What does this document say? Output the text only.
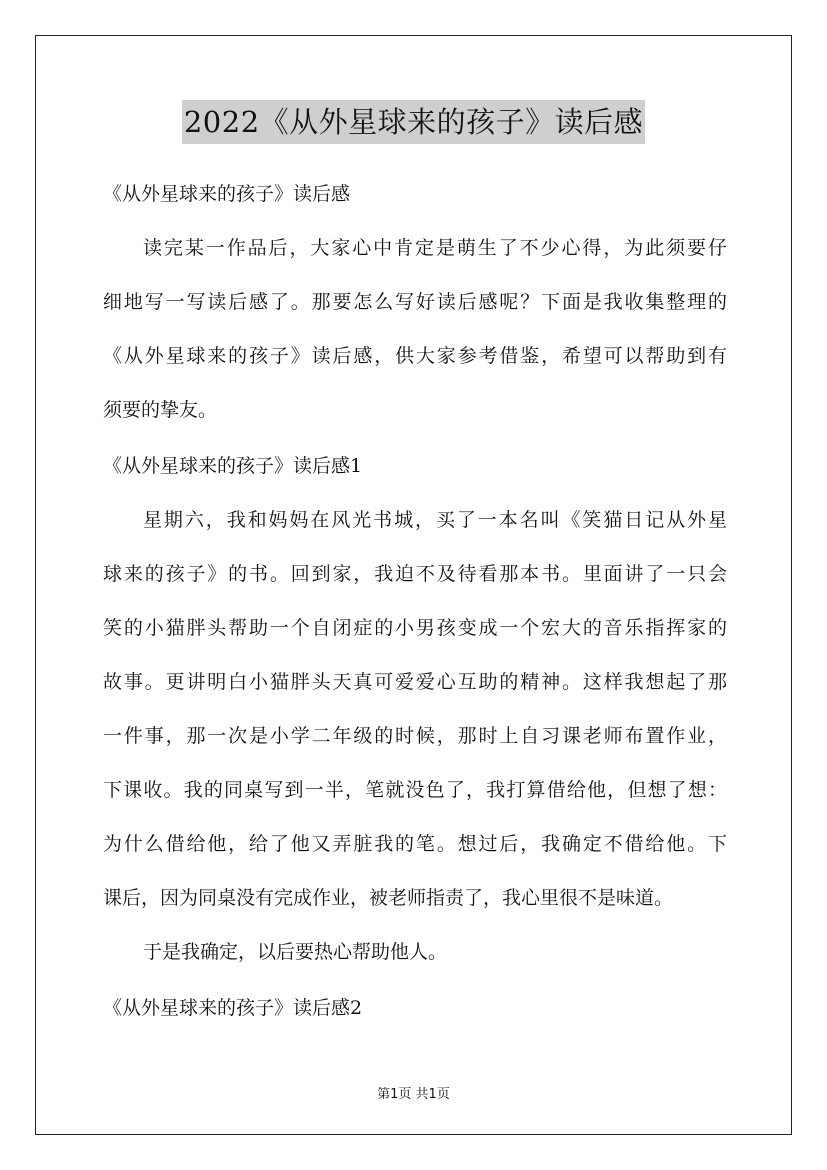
2022《从外星球来的孩子》读后感
《从外星球来的孩子》读后感
读完某一作品后，大家心中肯定是萌生了不少心得，为此须要仔
细地写一写读后感了。那要怎么写好读后感呢？下面是我收集整理的
《从外星球来的孩子》读后感，供大家参考借鉴，希望可以帮助到有
须要的挚友。
《从外星球来的孩子》读后感1
星期六，我和妈妈在风光书城，买了一本名叫《笑猫日记从外星
球来的孩子》的书。回到家，我迫不及待看那本书。里面讲了一只会
笑的小猫胖头帮助一个自闭症的小男孩变成一个宏大的音乐指挥家的
故事。更讲明白小猫胖头天真可爱爱心互助的精神。这样我想起了那
一件事，那一次是小学二年级的时候，那时上自习课老师布置作业，
下课收。我的同桌写到一半，笔就没色了，我打算借给他，但想了想：
为什么借给他，给了他又弄脏我的笔。想过后，我确定不借给他。下
课后，因为同桌没有完成作业，被老师指责了，我心里很不是味道。
于是我确定，以后要热心帮助他人。
《从外星球来的孩子》读后感2
第1页 共1页
